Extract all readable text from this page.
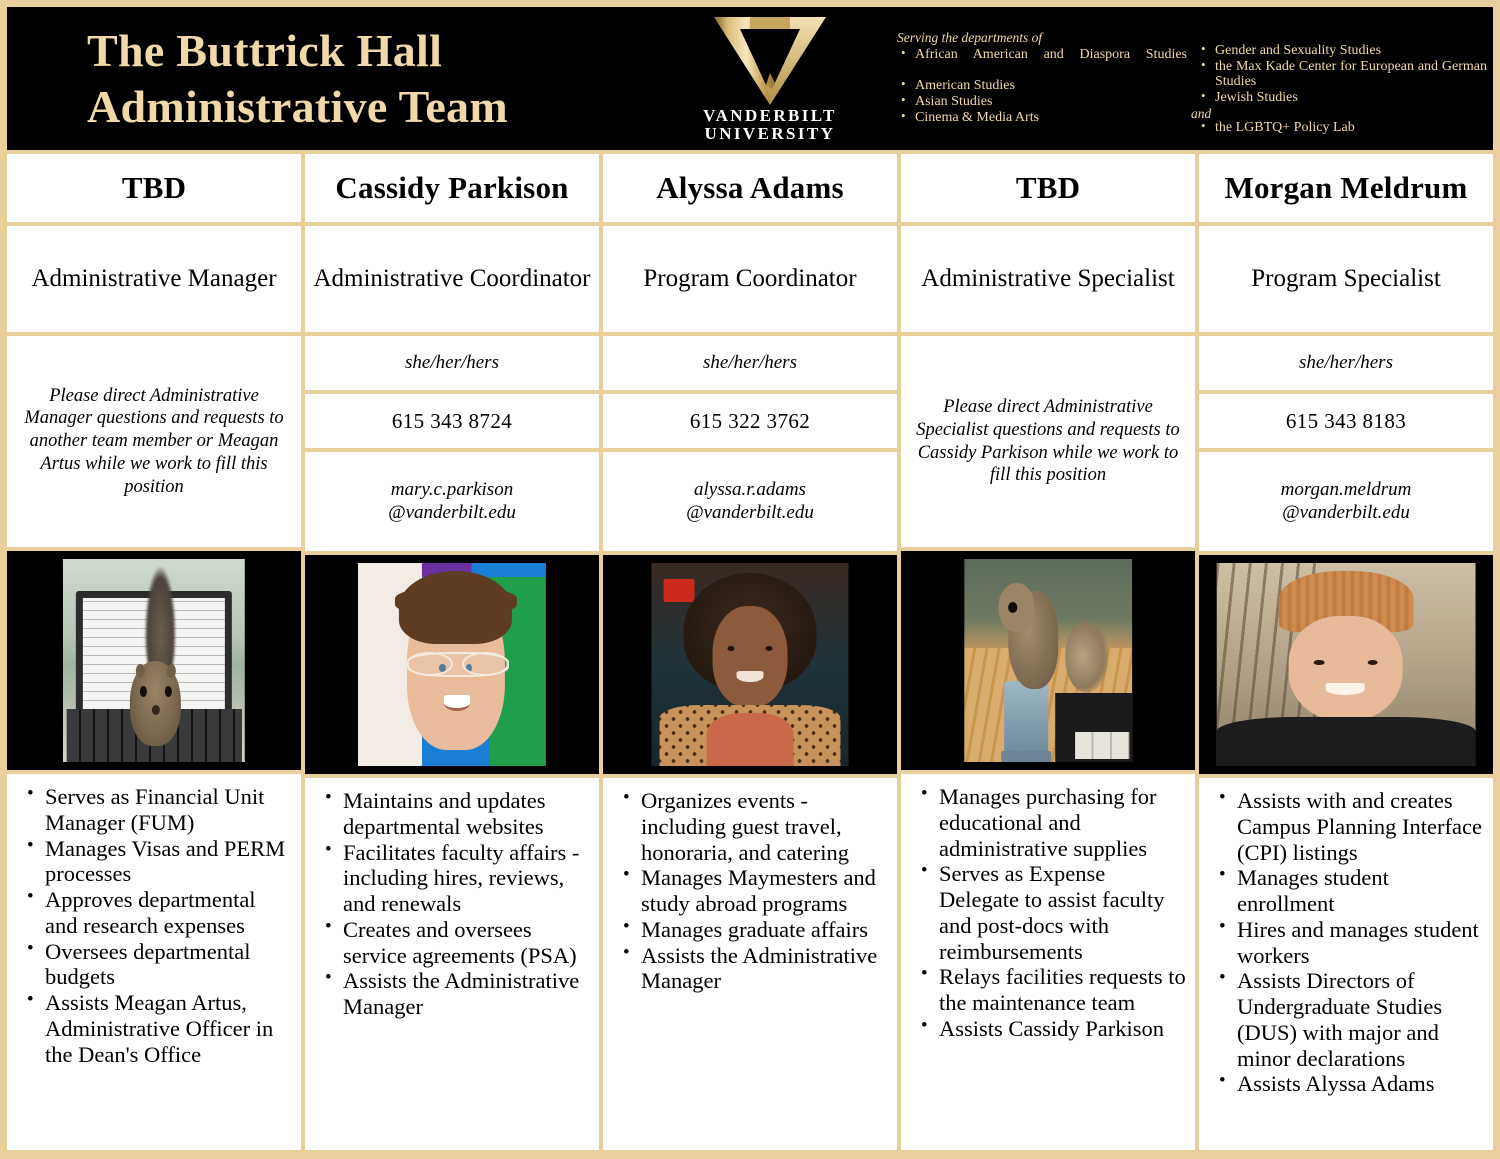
The Buttrick Hall
Administrative Team	VANDERBILT
UNIVERSITY
Serving the departments of
• African American and Diaspora Studies
• American Studies
• Asian Studies
• Cinema & Media Arts
• Gender and Sexuality Studies
• the Max Kade Center for European and German Studies
• Jewish Studies
and
• the LGBTQ+ Policy Lab
TBD
Administrative Manager
Please direct Administrative Manager questions and requests to another team member or Meagan Artus while we work to fill this position
• Serves as Financial Unit Manager (FUM)
• Manages Visas and PERM processes
• Approves departmental and research expenses
• Oversees departmental budgets
• Assists Meagan Artus, Administrative Officer in the Dean's Office
Cassidy Parkison
Administrative Coordinator
she/her/hers
615 343 8724
mary.c.parkison
@vanderbilt.edu
• Maintains and updates departmental websites
• Facilitates faculty affairs - including hires, reviews, and renewals
• Creates and oversees service agreements (PSA)
• Assists the Administrative Manager
Alyssa Adams
Program Coordinator
she/her/hers
615 322 3762
alyssa.r.adams
@vanderbilt.edu
• Organizes events - including guest travel, honoraria, and catering
• Manages Maymesters and study abroad programs
• Manages graduate affairs
• Assists the Administrative Manager
TBD
Administrative Specialist
Please direct Administrative Specialist questions and requests to Cassidy Parkison while we work to fill this position
• Manages purchasing for educational and administrative supplies
• Serves as Expense Delegate to assist faculty and post-docs with reimbursements
• Relays facilities requests to the maintenance team
• Assists Cassidy Parkison
Morgan Meldrum
Program Specialist
she/her/hers
615 343 8183
morgan.meldrum
@vanderbilt.edu
• Assists with and creates Campus Planning Interface (CPI) listings
• Manages student enrollment
• Hires and manages student workers
• Assists Directors of Undergraduate Studies (DUS) with major and minor declarations
• Assists Alyssa Adams
